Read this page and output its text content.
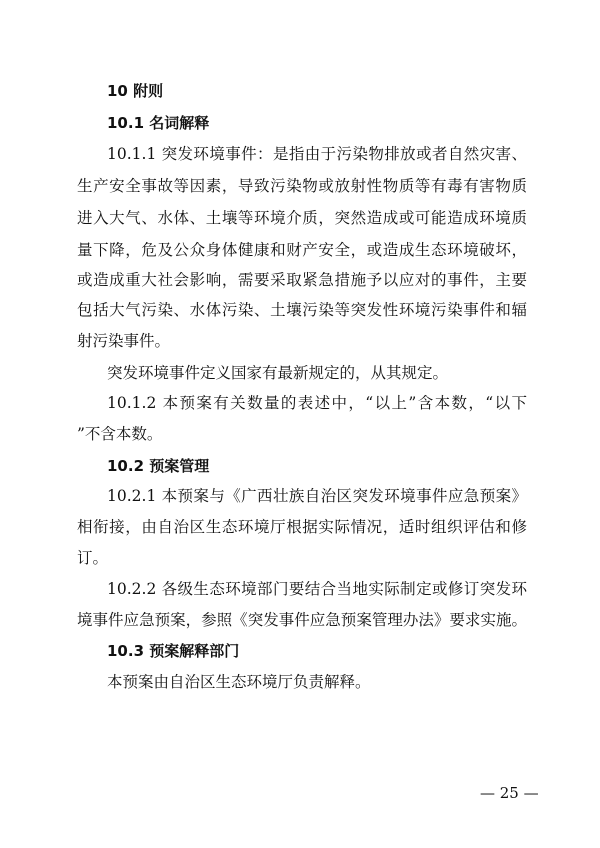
10 附则
10.1 名词解释
10.1.1 突发环境事件：是指由于污染物排放或者自然灾害、
生产安全事故等因素，导致污染物或放射性物质等有毒有害物质
进入大气、水体、土壤等环境介质，突然造成或可能造成环境质
量下降，危及公众身体健康和财产安全，或造成生态环境破坏，
或造成重大社会影响，需要采取紧急措施予以应对的事件，主要
包括大气污染、水体污染、土壤污染等突发性环境污染事件和辐
射污染事件。
突发环境事件定义国家有最新规定的，从其规定。
10.1.2 本预案有关数量的表述中，“以上”含本数，“以下
”不含本数。
10.2 预案管理
10.2.1 本预案与《广西壮族自治区突发环境事件应急预案》
相衔接，由自治区生态环境厅根据实际情况，适时组织评估和修
订。
10.2.2 各级生态环境部门要结合当地实际制定或修订突发环
境事件应急预案，参照《突发事件应急预案管理办法》要求实施。
10.3 预案解释部门
本预案由自治区生态环境厅负责解释。
— 25 —
